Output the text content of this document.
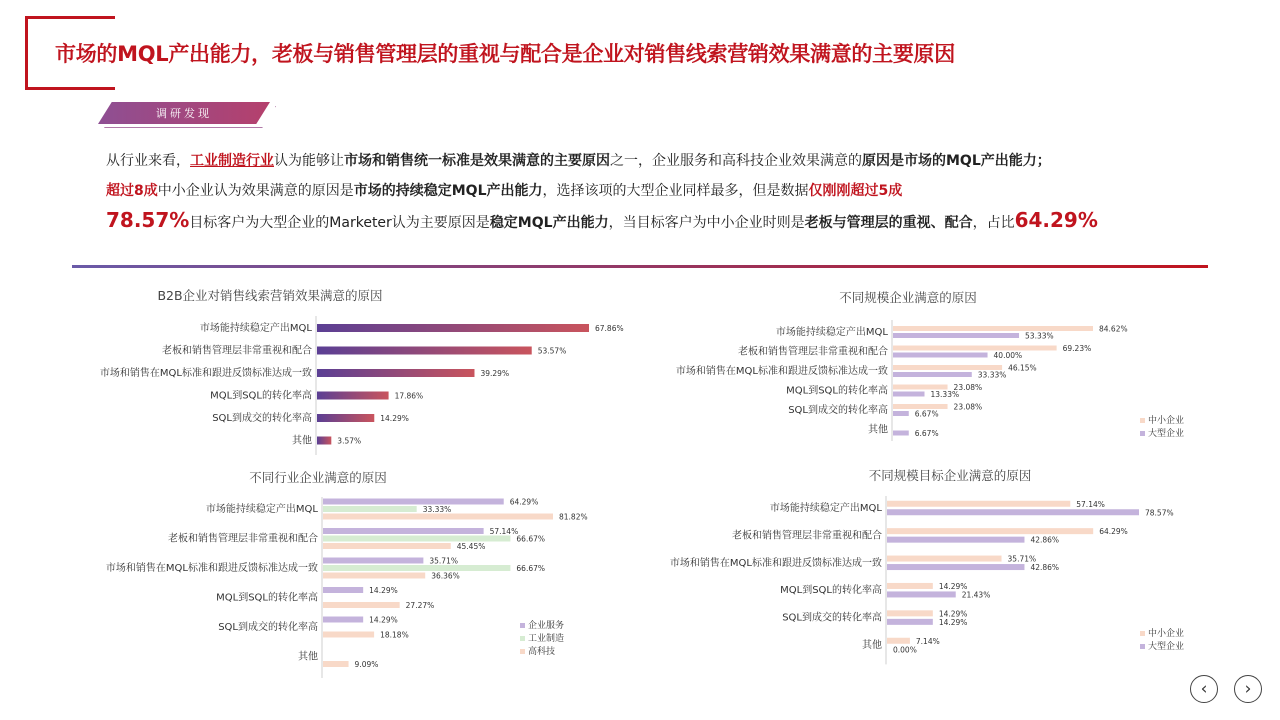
市场的MQL产出能力，老板与销售管理层的重视与配合是企业对销售线索营销效果满意的主要原因
调研发现
从行业来看，工业制造行业认为能够让市场和销售统一标准是效果满意的主要原因之一，企业服务和高科技企业效果满意的原因是市场的MQL产出能力；
超过8成中小企业认为效果满意的原因是市场的持续稳定MQL产出能力，选择该项的大型企业同样最多，但是数据仅刚刚超过5成
78.57%目标客户为大型企业的Marketer认为主要原因是稳定MQL产出能力，当目标客户为中小企业时则是老板与管理层的重视、配合，占比64.29%
B2B企业对销售线索营销效果满意的原因
市场能持续稳定产出MQL	67.86%
老板和销售管理层非常重视和配合	53.57%
市场和销售在MQL标准和跟进反馈标准达成一致	39.29%
MQL到SQL的转化率高	17.86%
SQL到成交的转化率高	14.29%
其他	3.57%
不同规模企业满意的原因
市场能持续稳定产出MQL	84.62%
53.33%
老板和销售管理层非常重视和配合	69.23%
40.00%
市场和销售在MQL标准和跟进反馈标准达成一致	46.15%
33.33%
MQL到SQL的转化率高	23.08%
13.33%
SQL到成交的转化率高	23.08%
6.67%
其他	6.67%
中小企业
大型企业
不同行业企业满意的原因
市场能持续稳定产出MQL
64.29%
33.33%
81.82%
老板和销售管理层非常重视和配合
57.14%
66.67%
45.45%
市场和销售在MQL标准和跟进反馈标准达成一致
35.71%
66.67%
36.36%
MQL到SQL的转化率高
14.29%
27.27%
SQL到成交的转化率高
14.29%
18.18%
其他
9.09%
企业服务
工业制造
高科技
不同规模目标企业满意的原因
市场能持续稳定产出MQL	57.14%
78.57%
老板和销售管理层非常重视和配合	64.29%
42.86%
市场和销售在MQL标准和跟进反馈标准达成一致	35.71%
42.86%
MQL到SQL的转化率高	14.29%
21.43%
SQL到成交的转化率高	14.29%
14.29%
其他	7.14%
0.00%
中小企业
大型企业
‹	›
